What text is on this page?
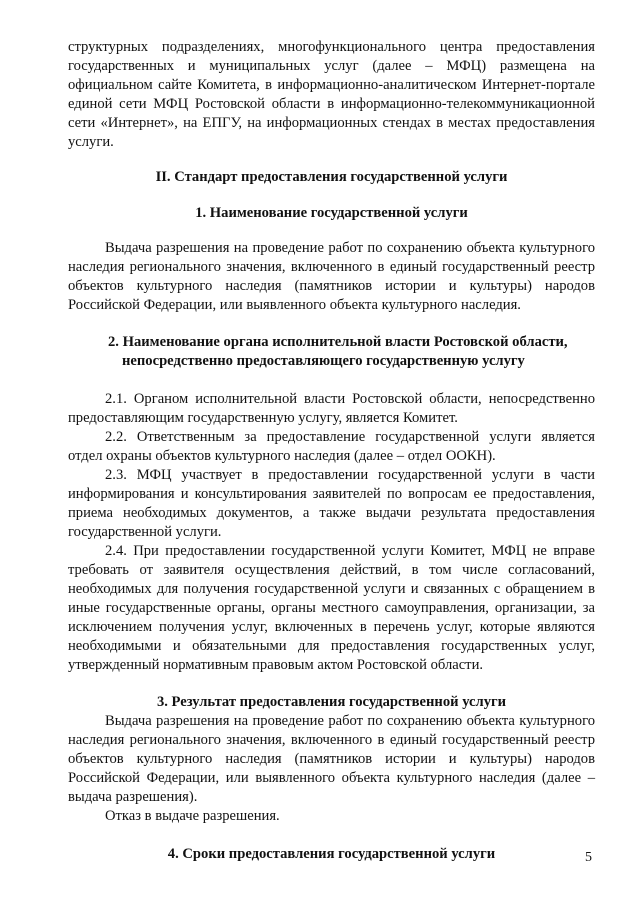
структурных подразделениях, многофункционального центра предоставления государственных и муниципальных услуг (далее – МФЦ) размещена на официальном сайте Комитета, в информационно-аналитическом Интернет-портале единой сети МФЦ Ростовской области в информационно-телекоммуникационной сети «Интернет», на ЕПГУ, на информационных стендах в местах предоставления услуги.

II. Стандарт предоставления государственной услуги

1. Наименование государственной услуги

Выдача разрешения на проведение работ по сохранению объекта культурного наследия регионального значения, включенного в единый государственный реестр объектов культурного наследия (памятников истории и культуры) народов Российской Федерации, или выявленного объекта культурного наследия.

2. Наименование органа исполнительной власти Ростовской области,
непосредственно предоставляющего государственную услугу

2.1. Органом исполнительной власти Ростовской области, непосредственно предоставляющим государственную услугу, является Комитет.

2.2. Ответственным за предоставление государственной услуги является отдел охраны объектов культурного наследия (далее – отдел ООКН).

2.3. МФЦ участвует в предоставлении государственной услуги в части информирования и консультирования заявителей по вопросам ее предоставления, приема необходимых документов, а также выдачи результата предоставления государственной услуги.

2.4. При предоставлении государственной услуги Комитет, МФЦ не вправе требовать от заявителя осуществления действий, в том числе согласований, необходимых для получения государственной услуги и связанных с обращением в иные государственные органы, органы местного самоуправления, организации, за исключением получения услуг, включенных в перечень услуг, которые являются необходимыми и обязательными для предоставления государственных услуг, утвержденный нормативным правовым актом Ростовской области.

3. Результат предоставления государственной услуги

Выдача разрешения на проведение работ по сохранению объекта культурного наследия регионального значения, включенного в единый государственный реестр объектов культурного наследия (памятников истории и культуры) народов Российской Федерации, или выявленного объекта культурного наследия (далее – выдача разрешения).

Отказ в выдаче разрешения.

4. Сроки предоставления государственной услуги	5
